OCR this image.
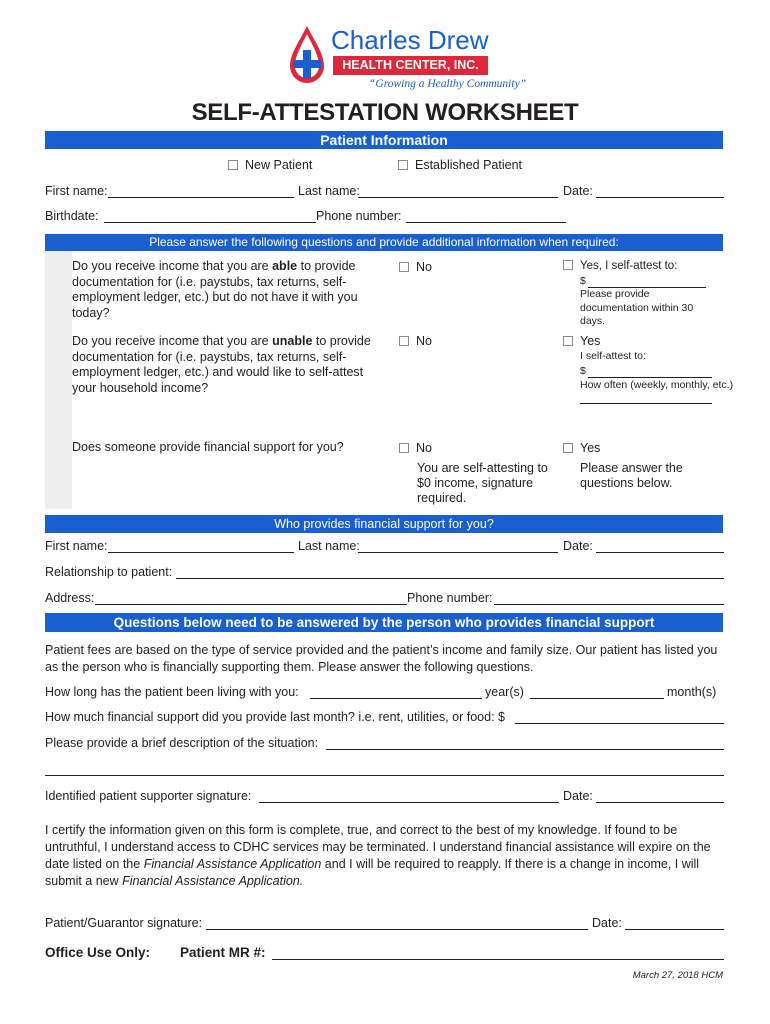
Charles Drew
HEALTH CENTER, INC.
“Growing a Healthy Community”
SELF-ATTESTATION WORKSHEET
Patient Information
New Patient	Established Patient
First name:	Last name:	Date:
Birthdate:	Phone number:
Please answer the following questions and provide additional information when required:
Do you receive income that you are able to provide documentation for (i.e. paystubs, tax returns, self-employment ledger, etc.) but do not have it with you today?
No	Yes, I self-attest to:
$
Please provide documentation within 30 days.
Do you receive income that you are unable to provide documentation for (i.e. paystubs, tax returns, self-employment ledger, etc.) and would like to self-attest your household income?
No	Yes
I self-attest to:
$
How often (weekly, monthly, etc.)
Does someone provide financial support for you?	No	Yes
You are self-attesting to $0 income, signature required.
Please answer the questions below.
Who provides financial support for you?
First name:	Last name:	Date:
Relationship to patient:
Address:	Phone number:
Questions below need to be answered by the person who provides financial support
Patient fees are based on the type of service provided and the patient’s income and family size. Our patient has listed you as the person who is financially supporting them. Please answer the following questions.
How long has the patient been living with you:	year(s)	month(s)
How much financial support did you provide last month? i.e. rent, utilities, or food: $
Please provide a brief description of the situation:
Identified patient supporter signature:	Date:
I certify the information given on this form is complete, true, and correct to the best of my knowledge. If found to be untruthful, I understand access to CDHC services may be terminated. I understand financial assistance will expire on the date listed on the Financial Assistance Application and I will be required to reapply. If there is a change in income, I will submit a new Financial Assistance Application.
Patient/Guarantor signature:	Date:
Office Use Only: Patient MR #:
March 27, 2018 HCM
